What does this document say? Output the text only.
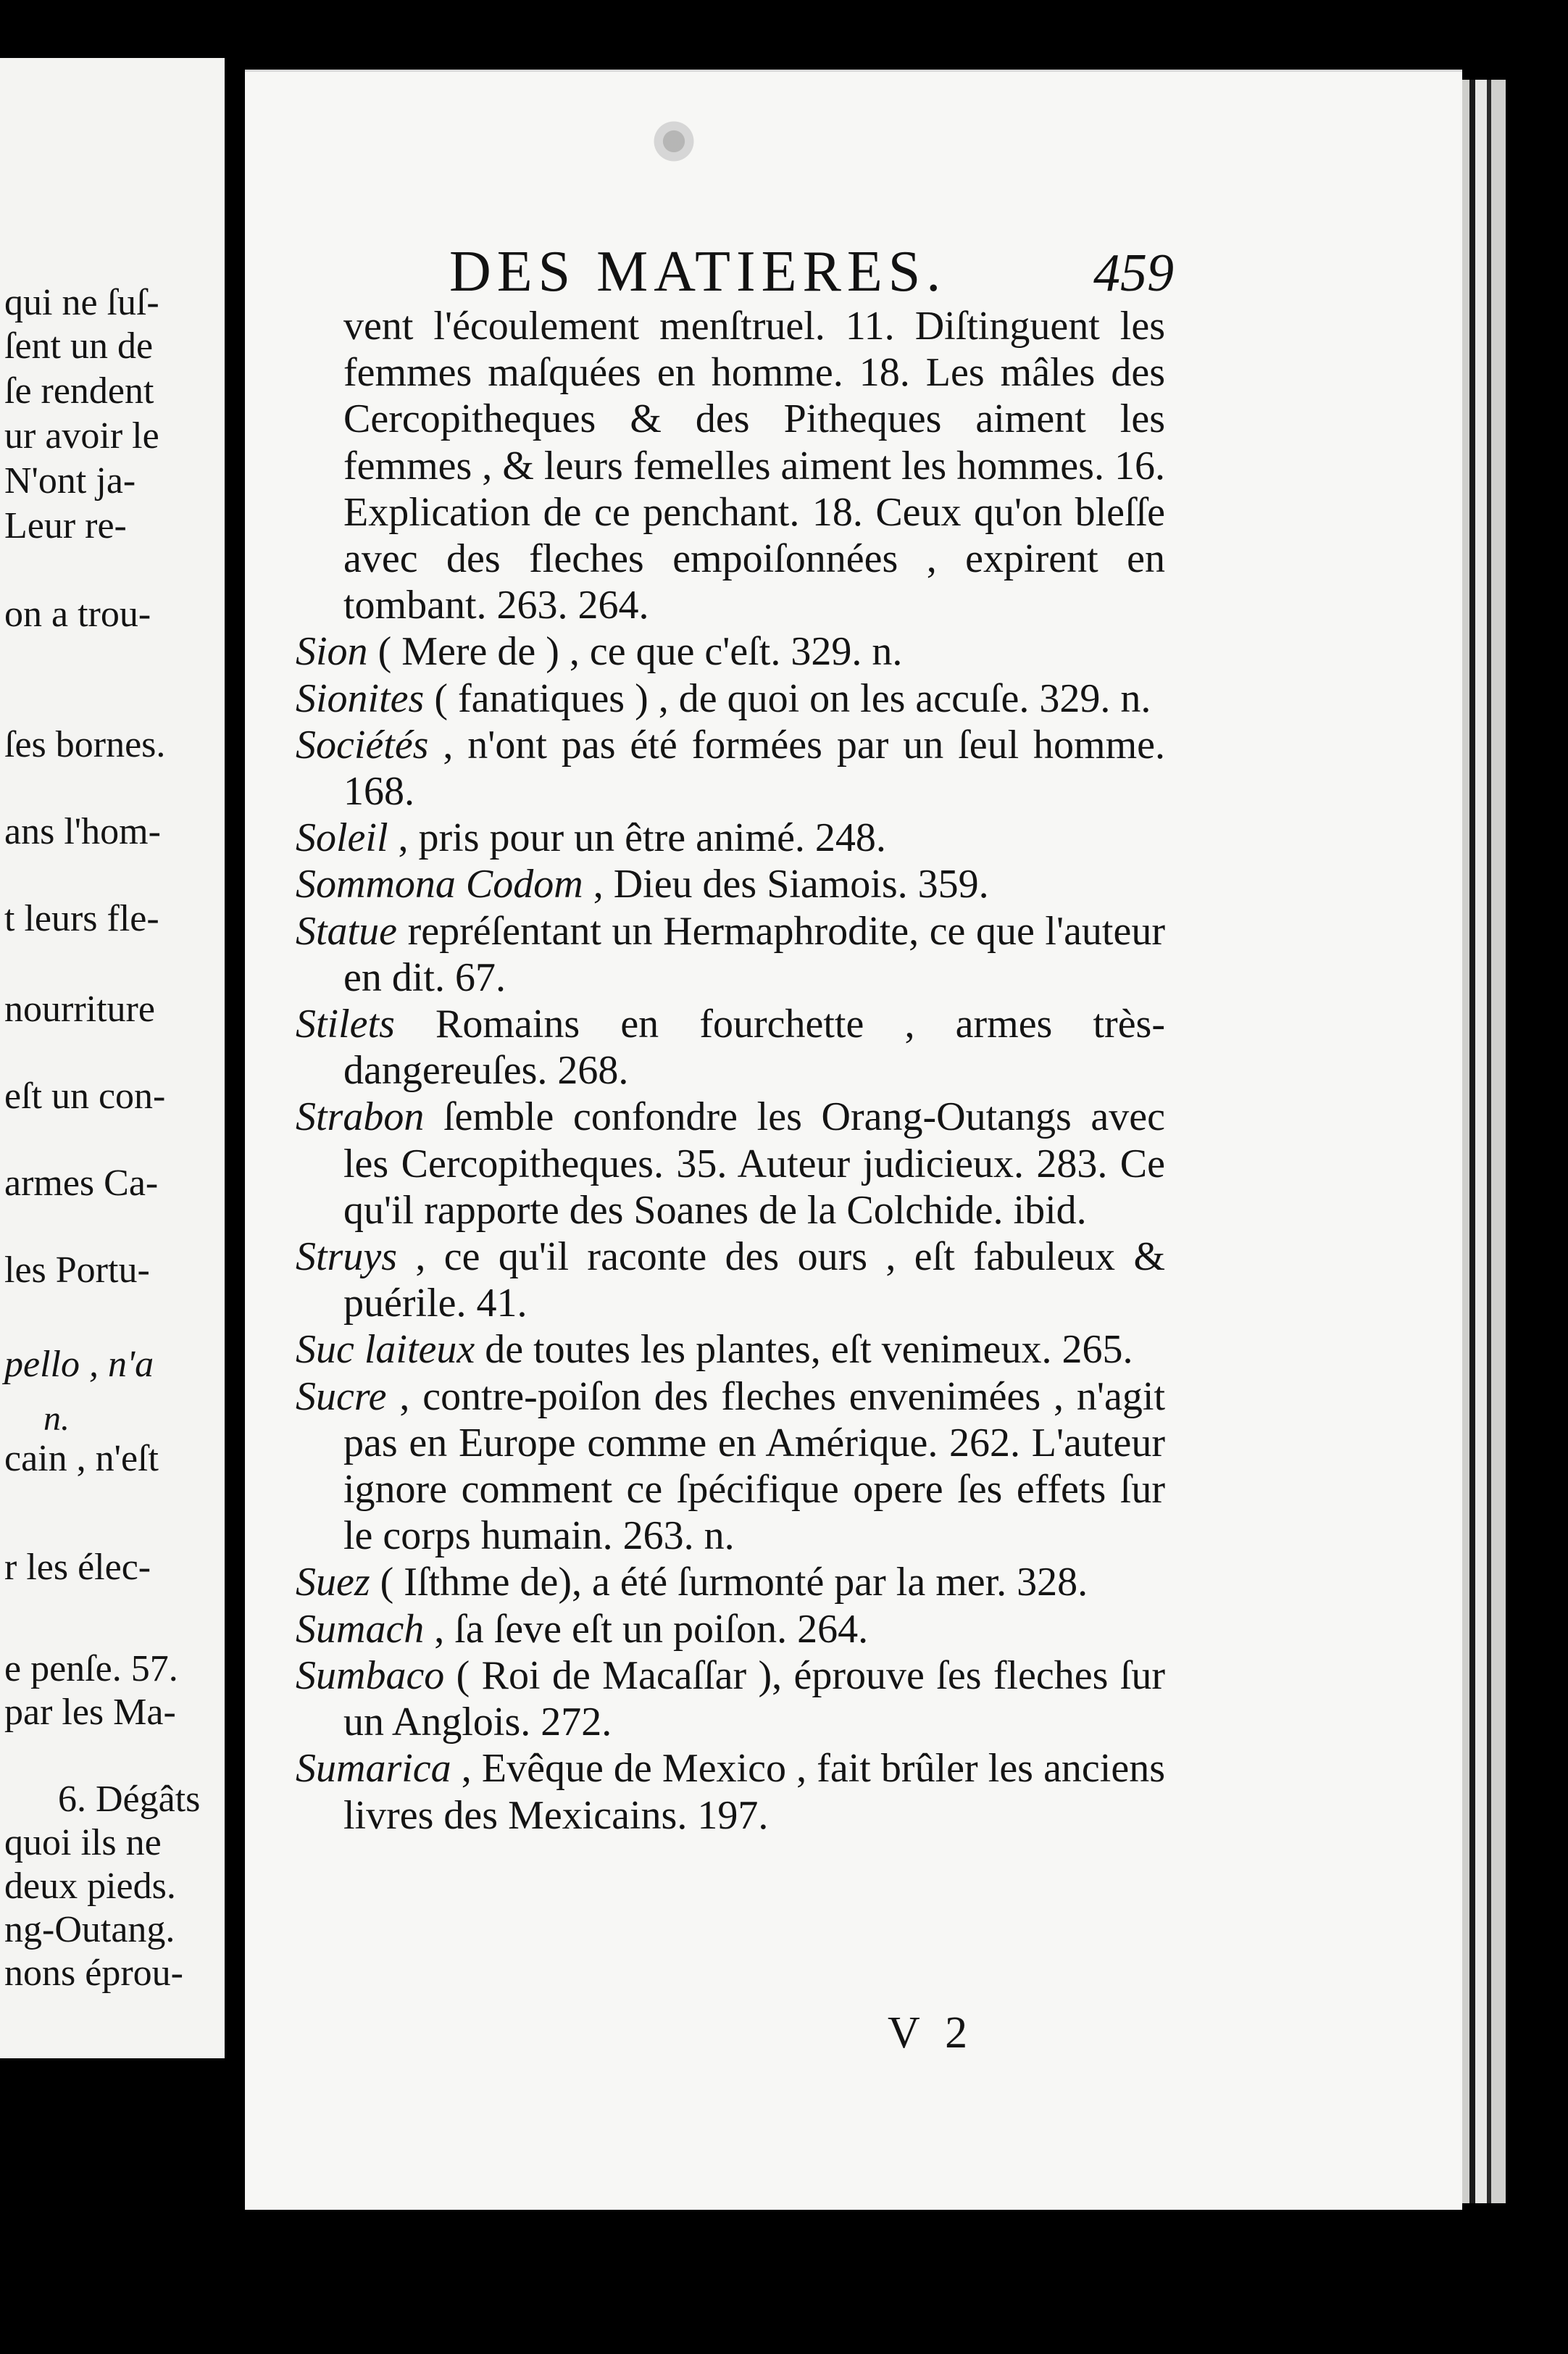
qui ne ſuſ-
ſent un de
ſe rendent
ur avoir le
N'ont ja-
Leur re-
on a trou-
ſes bornes.
ans l'hom-
t leurs fle-
nourriture
eſt un con-
armes Ca-
les Portu-
pello , n'a
n.
cain , n'eſt
r les élec-
e penſe. 57.
par les Ma-
6. Dégâts
quoi ils ne
deux pieds.
ng-Outang.
nons éprou-
DES MATIERES.	459
vent l'écoulement menſtruel. 11. Diſtinguent les femmes maſquées en homme. 18. Les mâles des Cercopitheques & des Pitheques aiment les femmes , & leurs femelles aiment les hommes. 16. Explication de ce penchant. 18. Ceux qu'on bleſſe avec des fleches empoiſonnées , expirent en tombant. 263. 264.
Sion ( Mere de ) , ce que c'eſt. 329. n.
Sionites ( fanatiques ) , de quoi on les accuſe. 329. n.
Sociétés , n'ont pas été formées par un ſeul homme. 168.
Soleil , pris pour un être animé. 248.
Sommona Codom , Dieu des Siamois. 359.
Statue repréſentant un Hermaphrodite, ce que l'auteur en dit. 67.
Stilets Romains en fourchette , armes très-dangereuſes. 268.
Strabon ſemble confondre les Orang-Outangs avec les Cercopitheques. 35. Auteur judicieux. 283. Ce qu'il rapporte des Soanes de la Colchide. ibid.
Struys , ce qu'il raconte des ours , eſt fabuleux & puérile. 41.
Suc laiteux de toutes les plantes, eſt venimeux. 265.
Sucre , contre-poiſon des fleches envenimées , n'agit pas en Europe comme en Amérique. 262. L'auteur ignore comment ce ſpécifique opere ſes effets ſur le corps humain. 263. n.
Suez ( Iſthme de), a été ſurmonté par la mer. 328.
Sumach , ſa ſeve eſt un poiſon. 264.
Sumbaco ( Roi de Macaſſar ), éprouve ſes fleches ſur un Anglois. 272.
Sumarica , Evêque de Mexico , fait brûler les anciens livres des Mexicains. 197.
V 2
